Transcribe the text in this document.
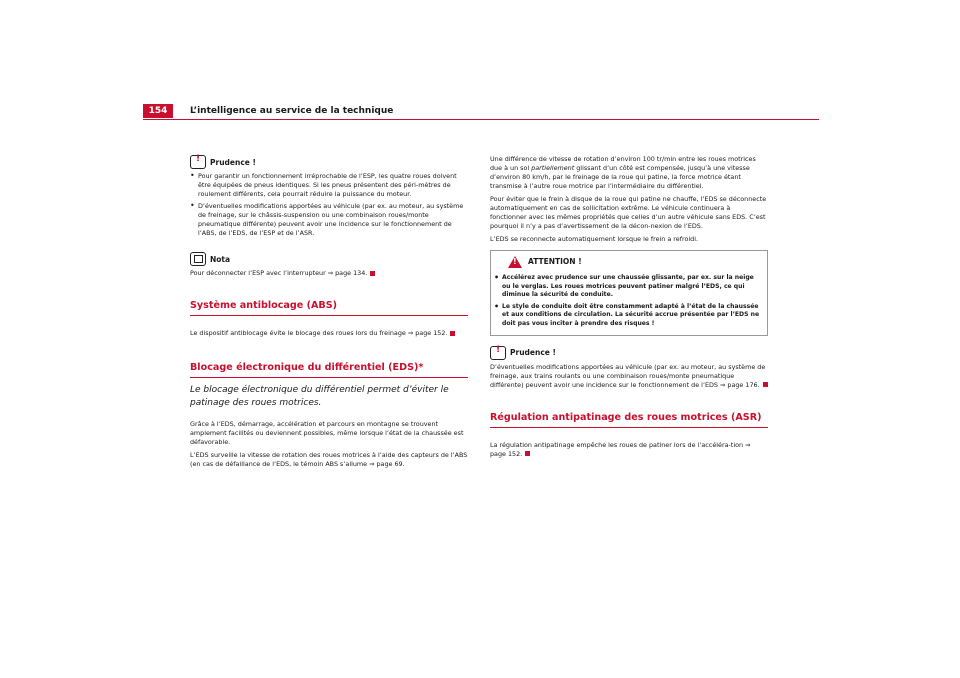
154	L’intelligence au service de la technique
!
Prudence !
• Pour garantir un fonctionnement irréprochable de l’ESP, les quatre roues doivent être équipées de pneus identiques. Si les pneus présentent des péri-mètres de roulement différents, cela pourrait réduire la puissance du moteur.
• D’éventuelles modifications apportées au véhicule (par ex. au moteur, au système de freinage, sur le châssis-suspension ou une combinaison roues/monte pneumatique différente) peuvent avoir une incidence sur le fonctionnement de l’ABS, de l’EDS, de l’ESP et de l’ASR.
Nota

Pour déconnecter l’ESP avec l’interrupteur ⇒ page 134.

Système antiblocage (ABS)

Le dispositif antiblocage évite le blocage des roues lors du freinage ⇒ page 152.

Blocage électronique du différentiel (EDS)*
Le blocage électronique du différentiel permet d’éviter le patinage des roues motrices.

Grâce à l’EDS, démarrage, accélération et parcours en montagne se trouvent amplement facilités ou deviennent possibles, même lorsque l’état de la chaussée est défavorable.

L’EDS surveille la vitesse de rotation des roues motrices à l’aide des capteurs de l’ABS (en cas de défaillance de l’EDS, le témoin ABS s’allume ⇒ page 69.

Une différence de vitesse de rotation d’environ 100 tr/min entre les roues motrices due à un sol partiellement glissant d’un côté est compensée, jusqu’à une vitesse d’environ 80 km/h, par le freinage de la roue qui patine, la force motrice étant transmise à l’autre roue motrice par l’intermédiaire du différentiel.

Pour éviter que le frein à disque de la roue qui patine ne chauffe, l’EDS se déconnecte automatiquement en cas de sollicitation extrême. Le véhicule continuera à fonctionner avec les mêmes propriétés que celles d’un autre véhicule sans EDS. C’est pourquoi il n’y a pas d’avertissement de la décon-nexion de l’EDS.

L’EDS se reconnecte automatiquement lorsque le frein a refroidi.

!
ATTENTION !
• Accélérez avec prudence sur une chaussée glissante, par ex. sur la neige ou le verglas. Les roues motrices peuvent patiner malgré l’EDS, ce qui diminue la sécurité de conduite.
• Le style de conduite doit être constamment adapté à l’état de la chaussée et aux conditions de circulation. La sécurité accrue présentée par l’EDS ne doit pas vous inciter à prendre des risques !
!
Prudence !

D’éventuelles modifications apportées au véhicule (par ex. au moteur, au système de freinage, aux trains roulants ou une combinaison roues/monte pneumatique différente) peuvent avoir une incidence sur le fonctionnement de l’EDS ⇒ page 176.

Régulation antipatinage des roues motrices (ASR)

La régulation antipatinage empêche les roues de patiner lors de l’accéléra-tion ⇒ page 152.
